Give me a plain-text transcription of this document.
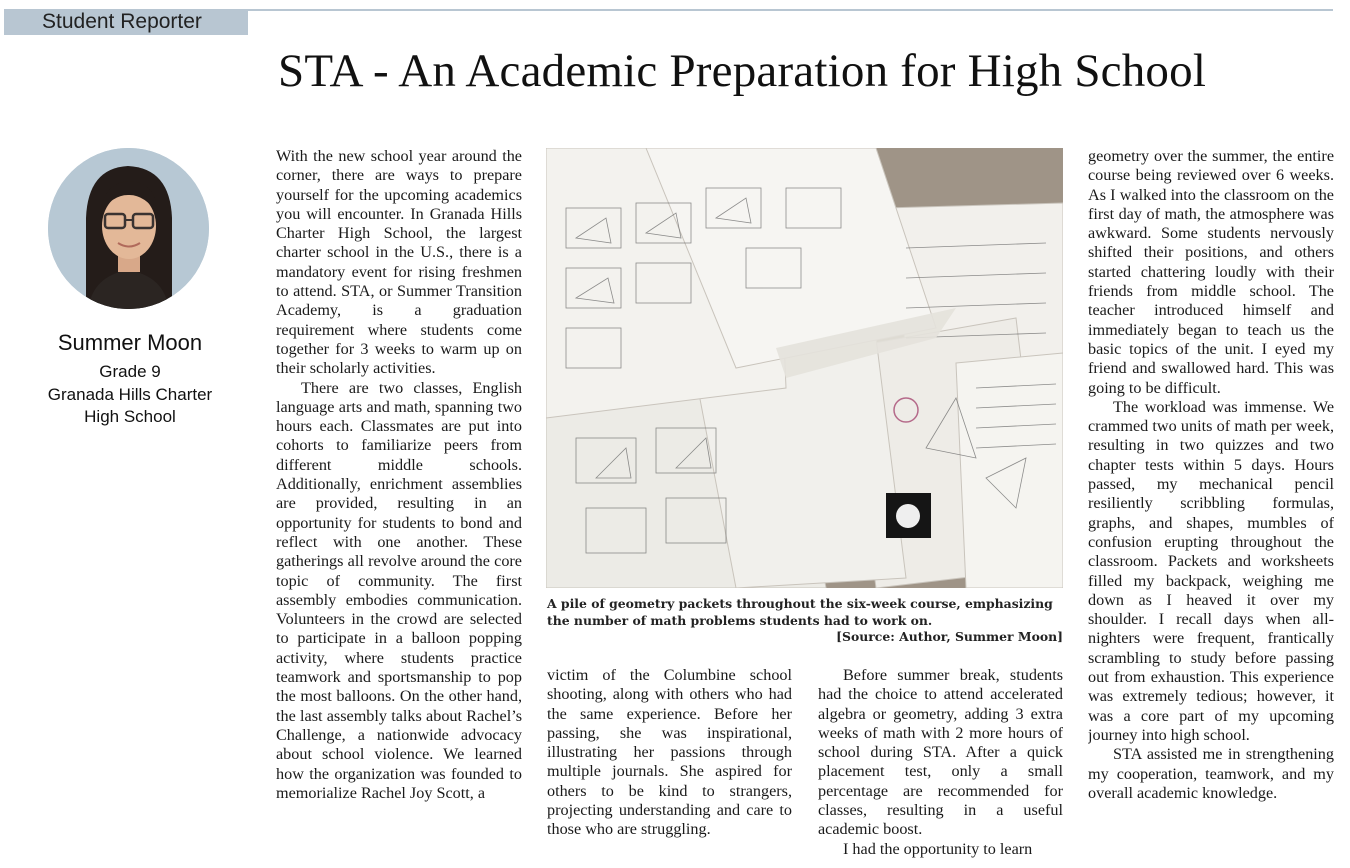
Student Reporter
STA - An Academic Preparation for High School
Summer Moon
Grade 9
Granada Hills Charter
High School

With the new school year around the corner, there are ways to prepare yourself for the upcoming academics you will encounter. In Granada Hills Charter High School, the largest charter school in the U.S., there is a mandatory event for rising freshmen to attend. STA, or Summer Transition Academy, is a graduation requirement where students come together for 3 weeks to warm up on their scholarly activities.

There are two classes, English language arts and math, spanning two hours each. Classmates are put into cohorts to familiarize peers from different middle schools. Additionally, enrichment assemblies are provided, resulting in an opportunity for students to bond and reflect with one another. These gatherings all revolve around the core topic of community. The first assembly embodies communication. Volunteers in the crowd are selected to participate in a balloon popping activity, where students practice teamwork and sportsmanship to pop the most balloons. On the other hand, the last assembly talks about Rachel’s Challenge, a nationwide advocacy about school violence. We learned how the organization was founded to memorialize Rachel Joy Scott, a

A pile of geometry packets throughout the six-week course, emphasizing the number of math problems students had to work on.
[Source: Author, Summer Moon]

victim of the Columbine school shooting, along with others who had the same experience. Before her passing, she was inspirational, illustrating her passions through multiple journals. She aspired for others to be kind to strangers, projecting understanding and care to those who are struggling.

Before summer break, students had the choice to attend accelerated algebra or geometry, adding 3 extra weeks of math with 2 more hours of school during STA. After a quick placement test, only a small percentage are recommended for classes, resulting in a useful academic boost.

I had the opportunity to learn

geometry over the summer, the entire course being reviewed over 6 weeks. As I walked into the classroom on the first day of math, the atmosphere was awkward. Some students nervously shifted their positions, and others started chattering loudly with their friends from middle school. The teacher introduced himself and immediately began to teach us the basic topics of the unit. I eyed my friend and swallowed hard. This was going to be difficult.

The workload was immense. We crammed two units of math per week, resulting in two quizzes and two chapter tests within 5 days. Hours passed, my mechanical pencil resiliently scribbling formulas, graphs, and shapes, mumbles of confusion erupting throughout the classroom. Packets and worksheets filled my backpack, weighing me down as I heaved it over my shoulder. I recall days when all-nighters were frequent, frantically scrambling to study before passing out from exhaustion. This experience was extremely tedious; however, it was a core part of my upcoming journey into high school.

STA assisted me in strengthening my cooperation, teamwork, and my overall academic knowledge.
